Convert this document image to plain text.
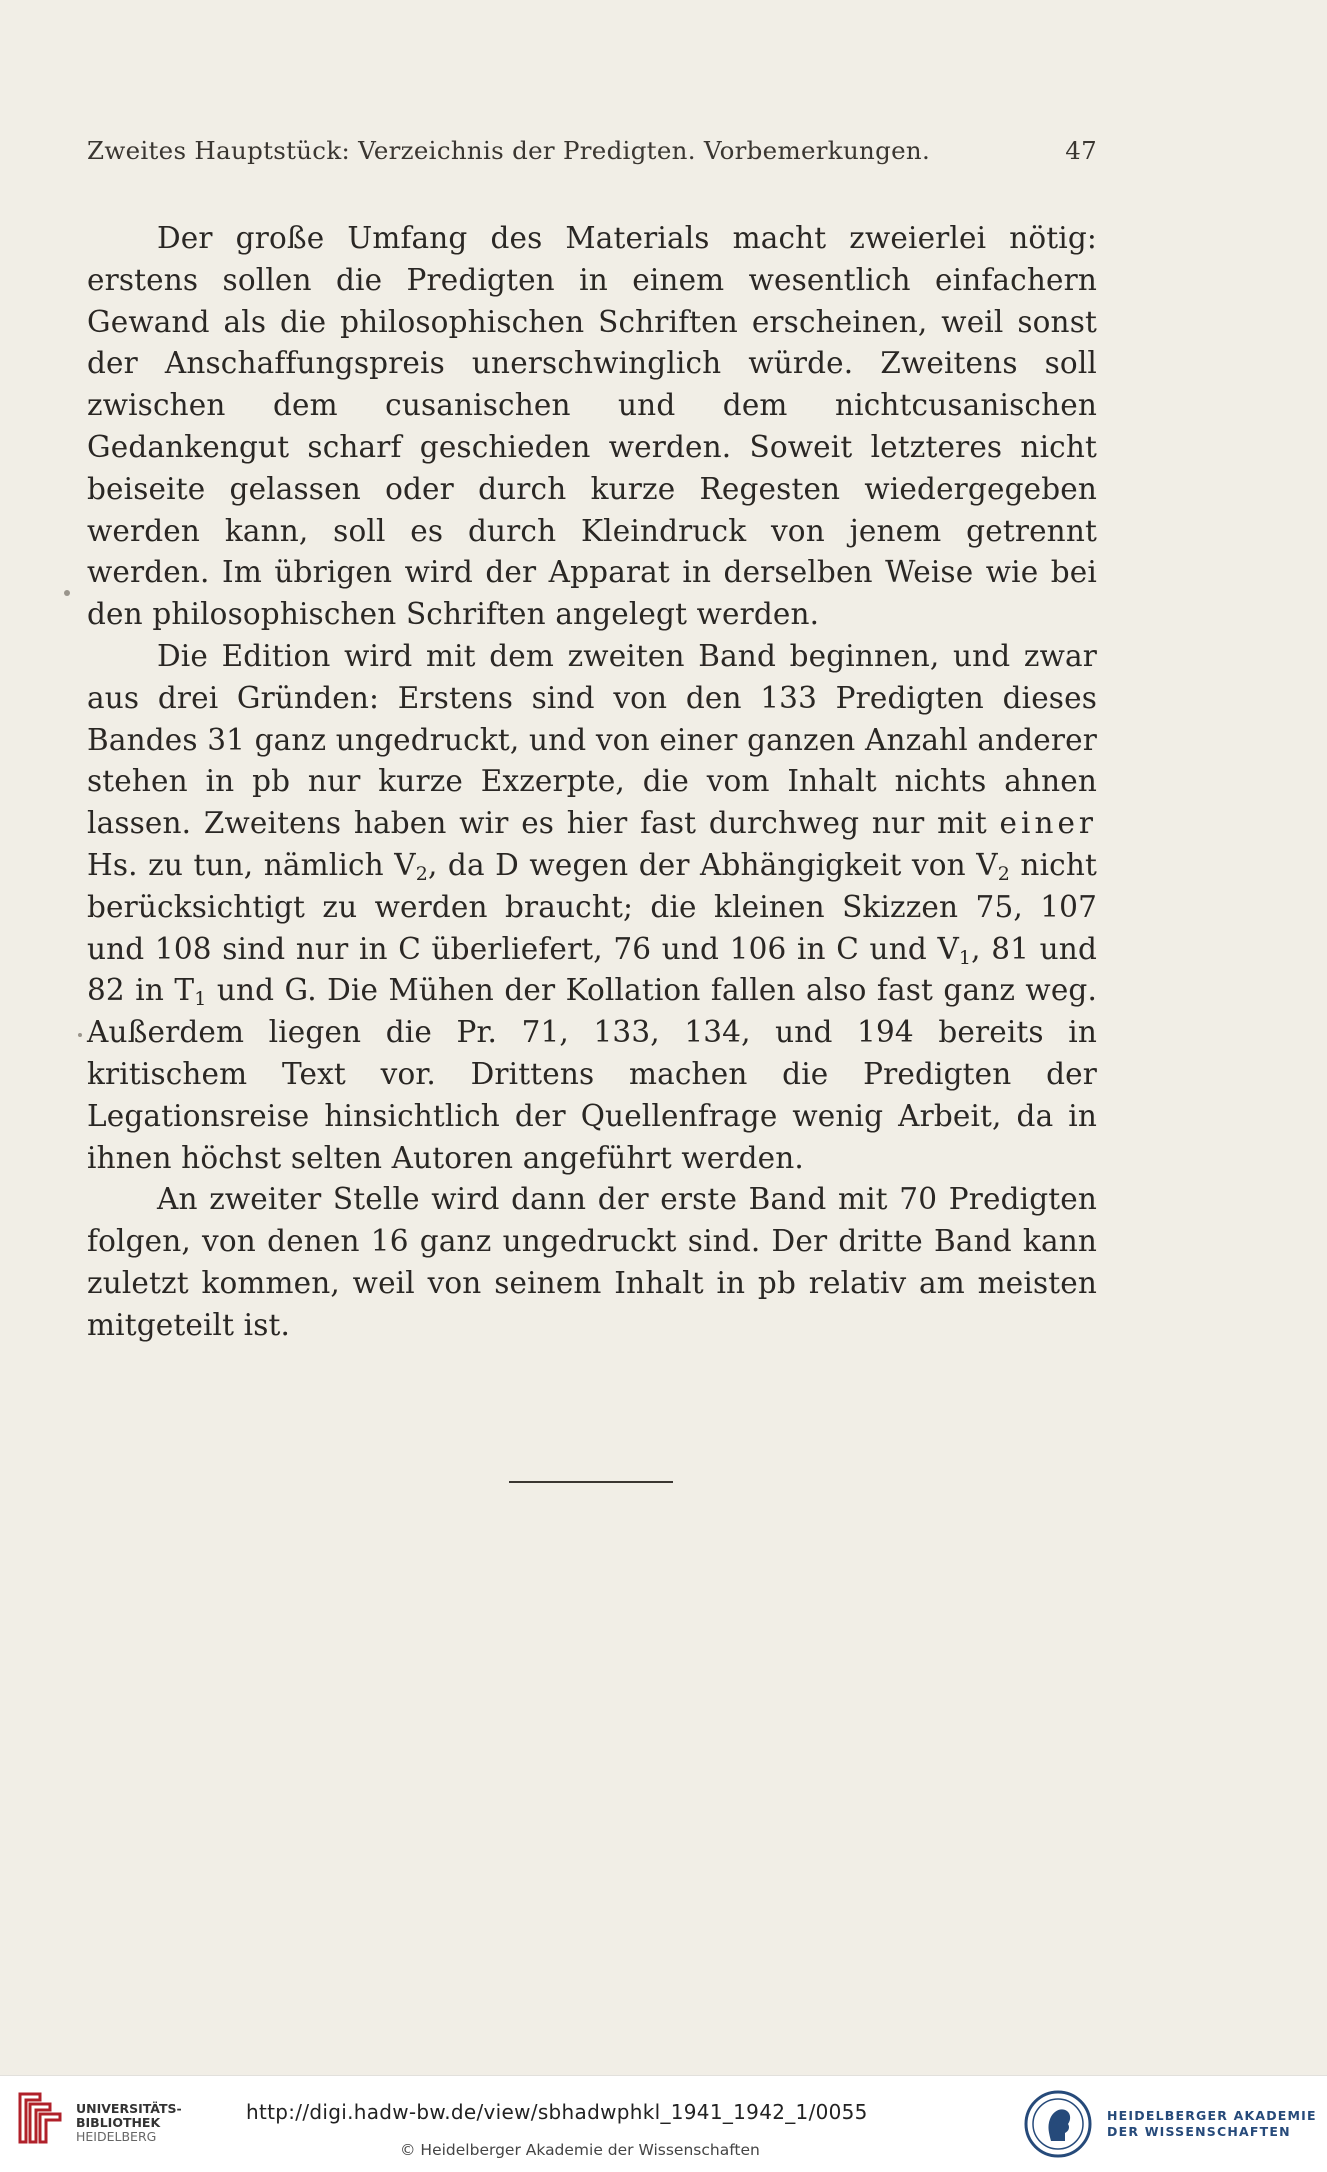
Zweites Hauptstück: Verzeichnis der Predigten. Vorbemerkungen.	47

Der große Umfang des Materials macht zweierlei nötig: erstens sollen die Predigten in einem wesentlich einfachern Gewand als die philosophischen Schriften erscheinen, weil sonst der Anschaffungspreis unerschwinglich würde. Zweitens soll zwischen dem cusanischen und dem nichtcusanischen Gedankengut scharf geschieden werden. Soweit letzteres nicht beiseite gelassen oder durch kurze Regesten wiedergegeben werden kann, soll es durch Kleindruck von jenem getrennt werden. Im übrigen wird der Apparat in derselben Weise wie bei den philosophischen Schriften angelegt werden.

Die Edition wird mit dem zweiten Band beginnen, und zwar aus drei Gründen: Erstens sind von den 133 Predigten dieses Bandes 31 ganz ungedruckt, und von einer ganzen Anzahl anderer stehen in pb nur kurze Exzerpte, die vom Inhalt nichts ahnen lassen. Zweitens haben wir es hier fast durchweg nur mit einer Hs. zu tun, nämlich $V_2$, da D wegen der Abhängigkeit von $V_2$ nicht berücksichtigt zu werden braucht; die kleinen Skizzen 75, 107 und 108 sind nur in C überliefert, 76 und 106 in C und $V_1$, 81 und 82 in $T_1$ und G. Die Mühen der Kollation fallen also fast ganz weg. Außerdem liegen die Pr. 71, 133, 134, und 194 bereits in kritischem Text vor. Drittens machen die Predigten der Legationsreise hinsichtlich der Quellenfrage wenig Arbeit, da in ihnen höchst selten Autoren angeführt werden.

An zweiter Stelle wird dann der erste Band mit 70 Predigten folgen, von denen 16 ganz ungedruckt sind. Der dritte Band kann zuletzt kommen, weil von seinem Inhalt in pb relativ am meisten mitgeteilt ist.

UNIVERSITÄTS-
BIBLIOTHEK
HEIDELBERG
http://digi.hadw-bw.de/view/sbhadwphkl_1941_1942_1/0055
© Heidelberger Akademie der Wissenschaften
HEIDELBERGER AKADEMIE
DER WISSENSCHAFTEN
